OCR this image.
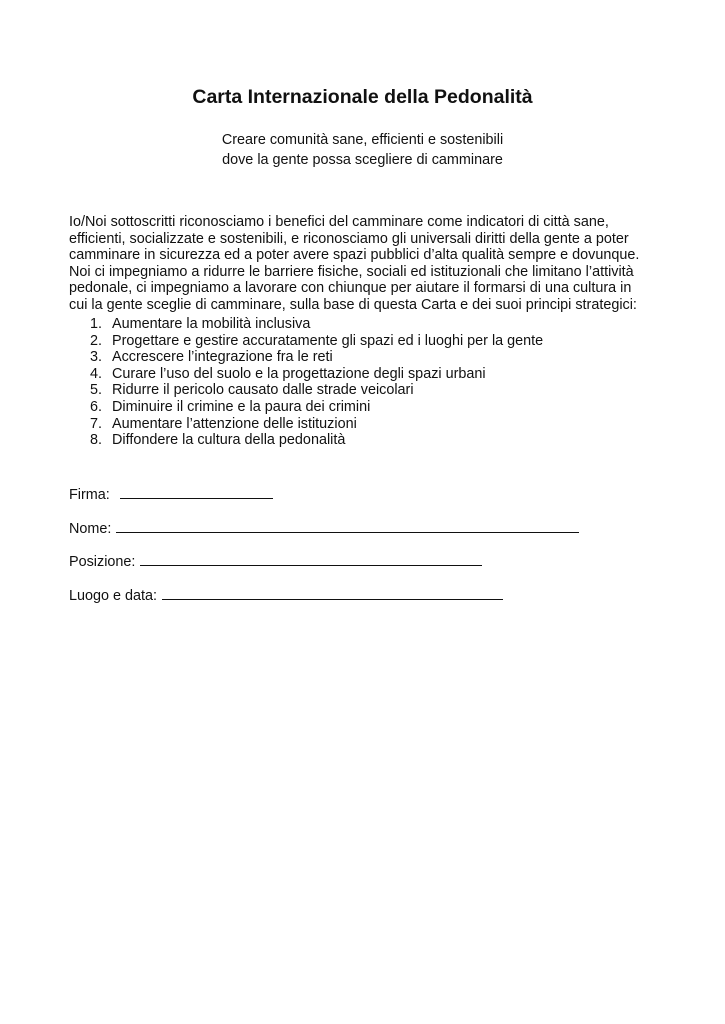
Carta Internazionale della Pedonalità
Creare comunità sane, efficienti e sostenibili
dove la gente possa scegliere di camminare
Io/Noi sottoscritti riconosciamo i benefici del camminare come indicatori di città sane,
efficienti, socializzate e sostenibili, e riconosciamo gli universali diritti della gente a poter
camminare in sicurezza ed a poter avere spazi pubblici d’alta qualità sempre e dovunque.
Noi ci impegniamo a ridurre le barriere fisiche, sociali ed istituzionali che limitano l’attività
pedonale, ci impegniamo a lavorare con chiunque per aiutare il formarsi di una cultura in
cui la gente sceglie di camminare, sulla base di questa Carta e dei suoi principi strategici:
1. Aumentare la mobilità inclusiva
2. Progettare e gestire accuratamente gli spazi ed i luoghi per la gente
3. Accrescere l’integrazione fra le reti
4. Curare l’uso del suolo e la progettazione degli spazi urbani
5. Ridurre il pericolo causato dalle strade veicolari
6. Diminuire il crimine e la paura dei crimini
7. Aumentare l’attenzione delle istituzioni
8. Diffondere la cultura della pedonalità
Firma:
Nome:
Posizione:
Luogo e data:
